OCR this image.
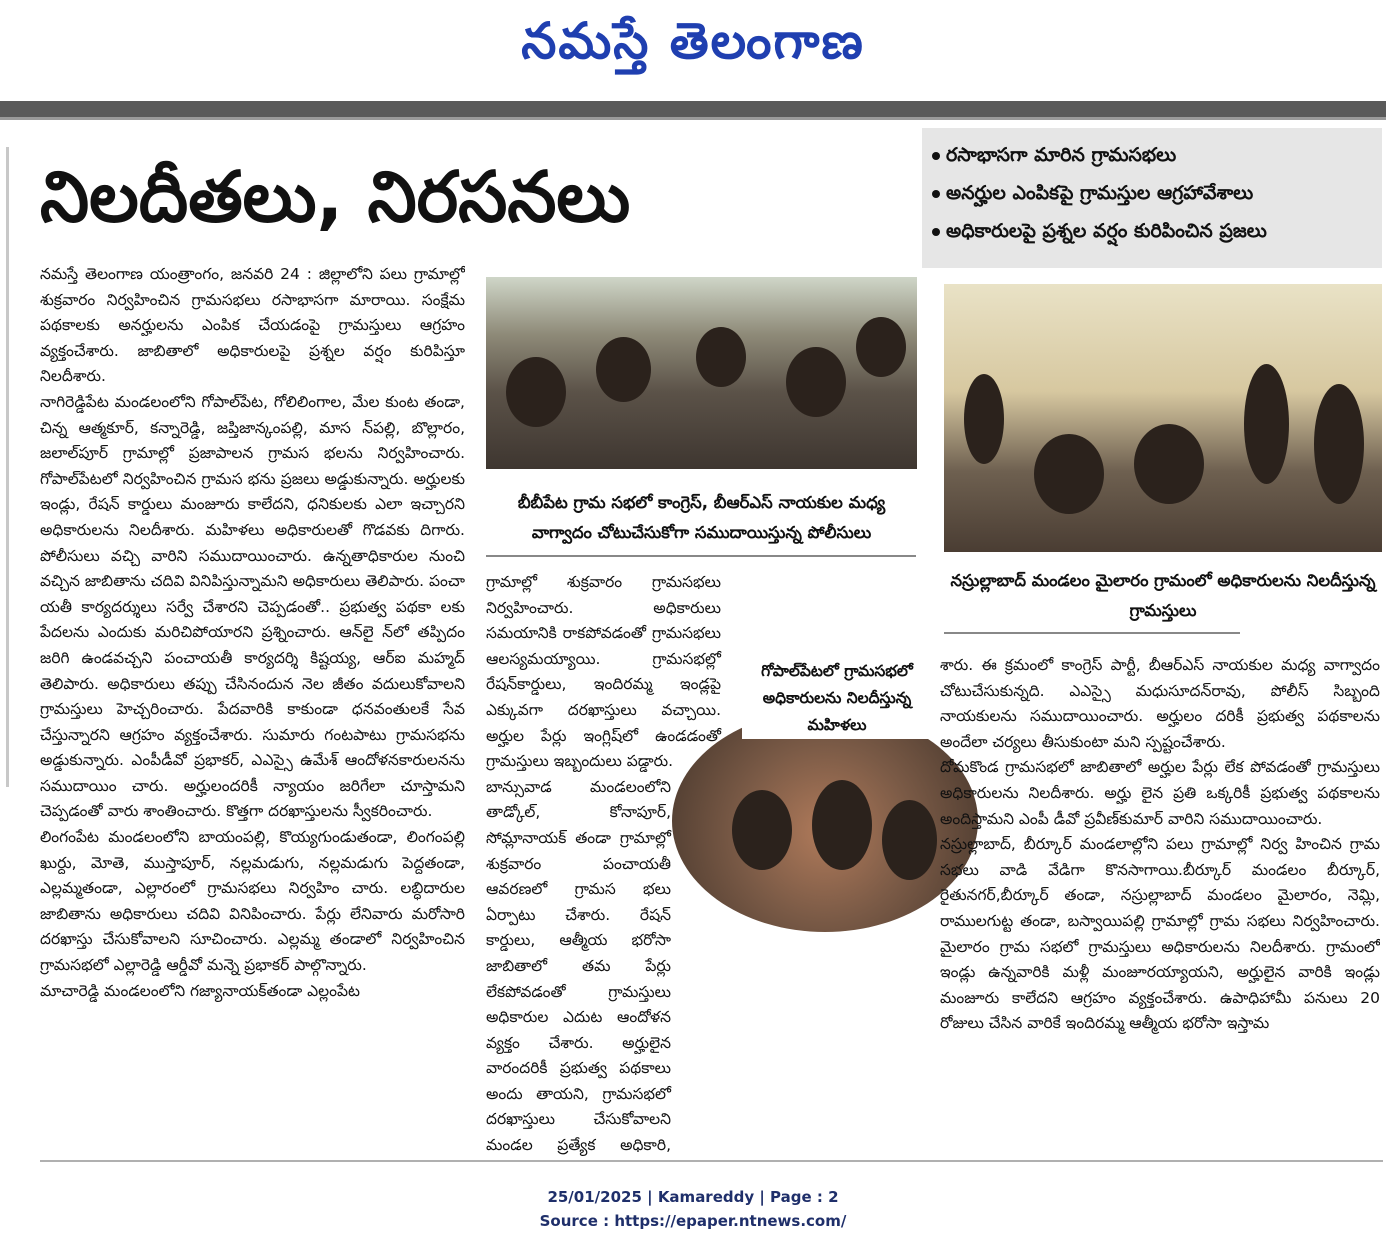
నమస్తే తెలంగాణ
నిలదీతలు, నిరసనలు
రసాభాసగా మారిన గ్రామసభలు
అనర్హుల ఎంపికపై గ్రామస్తుల ఆగ్రహావేశాలు
అధికారులపై ప్రశ్నల వర్షం కురిపించిన ప్రజలు

నమస్తే తెలంగాణ యంత్రాంగం, జనవరి 24 : జిల్లాలోని పలు గ్రామాల్లో శుక్రవారం నిర్వహించిన గ్రామసభలు రసాభాసగా మారాయి. సంక్షేమ పథకాలకు అనర్హులను ఎంపిక చేయడంపై గ్రామస్తులు ఆగ్రహం వ్యక్తంచేశారు. జాబితాలో అధికారులపై ప్రశ్నల వర్షం కురిపిస్తూ నిలదీశారు.

నాగిరెడ్డిపేట మండలంలోని గోపాల్‌పేట, గోలిలింగాల, మేల కుంట తండా, చిన్న ఆత్మకూర్, కన్నారెడ్డి, జప్తిజాన్కంపల్లి, మాస న్‌పల్లి, బొల్లారం, జలాల్‌పూర్ గ్రామాల్లో ప్రజాపాలన గ్రామస భలను నిర్వహించారు. గోపాల్‌పేటలో నిర్వహించిన గ్రామస భను ప్రజలు అడ్డుకున్నారు. అర్హులకు ఇండ్లు, రేషన్ కార్డులు మంజూరు కాలేదని, ధనికులకు ఎలా ఇచ్చారని అధికారులను నిలదీశారు. మహిళలు అధికారులతో గొడవకు దిగారు. పోలీసులు వచ్చి వారిని సముదాయించారు. ఉన్నతాధికారుల నుంచి వచ్చిన జాబితాను చదివి వినిపిస్తున్నామని అధికారులు తెలిపారు. పంచా యతీ కార్యదర్శులు సర్వే చేశారని చెప్పడంతో.. ప్రభుత్వ పథకా లకు పేదలను ఎందుకు మరిచిపోయారని ప్రశ్నించారు. ఆన్‌లై న్‌లో తప్పిదం జరిగి ఉండవచ్చని పంచాయతీ కార్యదర్శి కిష్టయ్య, ఆర్‌ఐ మహ్మద్ తెలిపారు. అధికారులు తప్పు చేసినందున నెల జీతం వదులుకోవాలని గ్రామస్తులు హెచ్చరించారు. పేదవారికి కాకుండా ధనవంతులకే సేవ చేస్తున్నారని ఆగ్రహం వ్యక్తంచేశారు. సుమారు గంటపాటు గ్రామసభను అడ్డుకున్నారు. ఎంపీడీవో ప్రభాకర్, ఎఎస్సై ఉమేశ్ ఆందోళనకారులనను సముదాయిం చారు. అర్హులందరికీ న్యాయం జరిగేలా చూస్తామని చెప్పడంతో వారు శాంతించారు. కొత్తగా దరఖాస్తులను స్వీకరించారు.

లింగంపేట మండలంలోని బాయంపల్లి, కొయ్యగుండుతండా, లింగంపల్లి ఖుర్దు, మోతె, ముస్తాపూర్, నల్లమడుగు, నల్లమడుగు పెద్దతండా, ఎల్లమ్మతండా, ఎల్లారంలో గ్రామసభలు నిర్వహిం చారు. లబ్ధిదారుల జాబితాను అధికారులు చదివి వినిపించారు. పేర్లు లేనివారు మరోసారి దరఖాస్తు చేసుకోవాలని సూచించారు. ఎల్లమ్మ తండాలో నిర్వహించిన గ్రామసభలో ఎల్లారెడ్డి ఆర్డీవో మన్నె ప్రభాకర్ పాల్గొన్నారు.

మాచారెడ్డి మండలంలోని గజ్యానాయక్‌తండా ఎల్లంపేట

బీబీపేట గ్రామ సభలో కాంగ్రెస్, బీఆర్‌ఎస్ నాయకుల మధ్య వాగ్వాదం చోటుచేసుకోగా సముదాయిస్తున్న పోలీసులు
నస్రుల్లాబాద్ మండలం మైలారం గ్రామంలో అధికారులను నిలదీస్తున్న గ్రామస్తులు

గ్రామాల్లో శుక్రవారం గ్రామసభలు నిర్వహించారు. అధికారులు సమయానికి రాకపోవడంతో గ్రామసభలు ఆలస్యమయ్యాయి. గ్రామసభల్లో రేషన్‌కార్డులు, ఇందిరమ్మ ఇండ్లపై ఎక్కువగా దరఖాస్తులు వచ్చాయి. అర్హుల పేర్లు ఇంగ్లిష్‌లో ఉండడంతో గ్రామస్తులు ఇబ్బందులు పడ్డారు.

బాన్సువాడ మండలంలోని తాడ్కోల్, కోనాపూర్, సోమ్లానాయక్ తండా గ్రామాల్లో శుక్రవారం పంచాయతీ ఆవరణలో గ్రామస భలు ఏర్పాటు చేశారు. రేషన్ కార్డులు, ఆత్మీయ భరోసా జాబితాలో తమ పేర్లు లేకపోవడంతో గ్రామస్తులు అధికారుల ఎదుట ఆందోళన వ్యక్తం చేశారు. అర్హులైన వారందరికీ ప్రభుత్వ పథకాలు అందు తాయని, గ్రామసభలో దరఖాస్తులు చేసుకోవాలని మండల ప్రత్యేక అధికారి,

గోపాల్‌పేటలో గ్రామసభలో అధికారులను నిలదీస్తున్న మహిళలు

శారు. ఈ క్రమంలో కాంగ్రెస్ పార్టీ, బీఆర్‌ఎస్ నాయకుల మధ్య వాగ్వాదం చోటుచేసుకున్నది. ఎఎస్సై మధుసూదన్‌రావు, పోలీస్ సిబ్బంది నాయకులను సముదాయించారు. అర్హులం దరికీ ప్రభుత్వ పథకాలను అందేలా చర్యలు తీసుకుంటా మని స్పష్టంచేశారు.

దోమకొండ గ్రామసభలో జాబితాలో అర్హుల పేర్లు లేక పోవడంతో గ్రామస్తులు అధికారులను నిలదీశారు. అర్హు లైన ప్రతి ఒక్కరికీ ప్రభుత్వ పథకాలను అందిస్తామని ఎంపీ డీవో ప్రవీణ్‌కుమార్ వారిని సముదాయించారు.

నస్రుల్లాబాద్, బీర్కూర్ మండలాల్లోని పలు గ్రామాల్లో నిర్వ హించిన గ్రామ సభలు వాడి వేడిగా కొనసాగాయి.బీర్కూర్ మండలం బీర్కూర్, రైతునగర్,బీర్కూర్ తండా, నస్రుల్లాబాద్ మండలం మైలారం, నెమ్లి, రాములగుట్ట తండా, బస్వాయిపల్లి గ్రామాల్లో గ్రామ సభలు నిర్వహించారు. మైలారం గ్రామ సభలో గ్రామస్తులు అధికారులను నిలదీశారు. గ్రామంలో ఇండ్లు ఉన్నవారికి మళ్లీ మంజూరయ్యాయని, అర్హులైన వారికి ఇండ్లు మంజూరు కాలేదని ఆగ్రహం వ్యక్తంచేశారు. ఉపాధిహామీ పనులు 20 రోజులు చేసిన వారికే ఇందిరమ్మ ఆత్మీయ భరోసా ఇస్తామ

25/01/2025 | Kamareddy | Page : 2
Source : https://epaper.ntnews.com/
